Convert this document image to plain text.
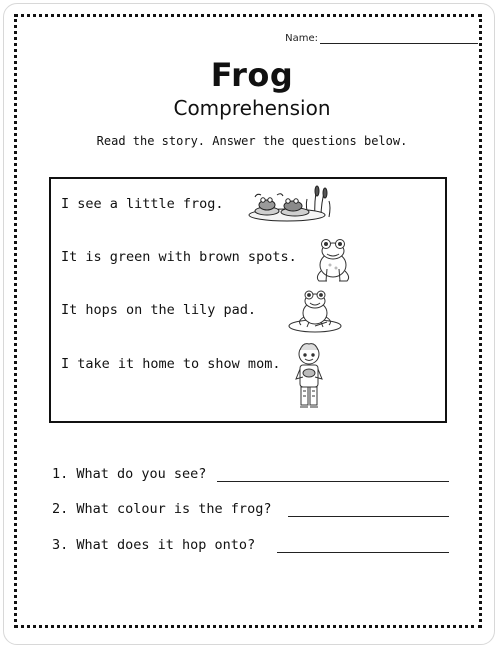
Name:
Frog
Comprehension
Read the story. Answer the questions below.
I see a little frog.
It is green with brown spots.
It hops on the lily pad.
I take it home to show mom.
1. What do you see?
2. What colour is the frog?
3. What does it hop onto?
